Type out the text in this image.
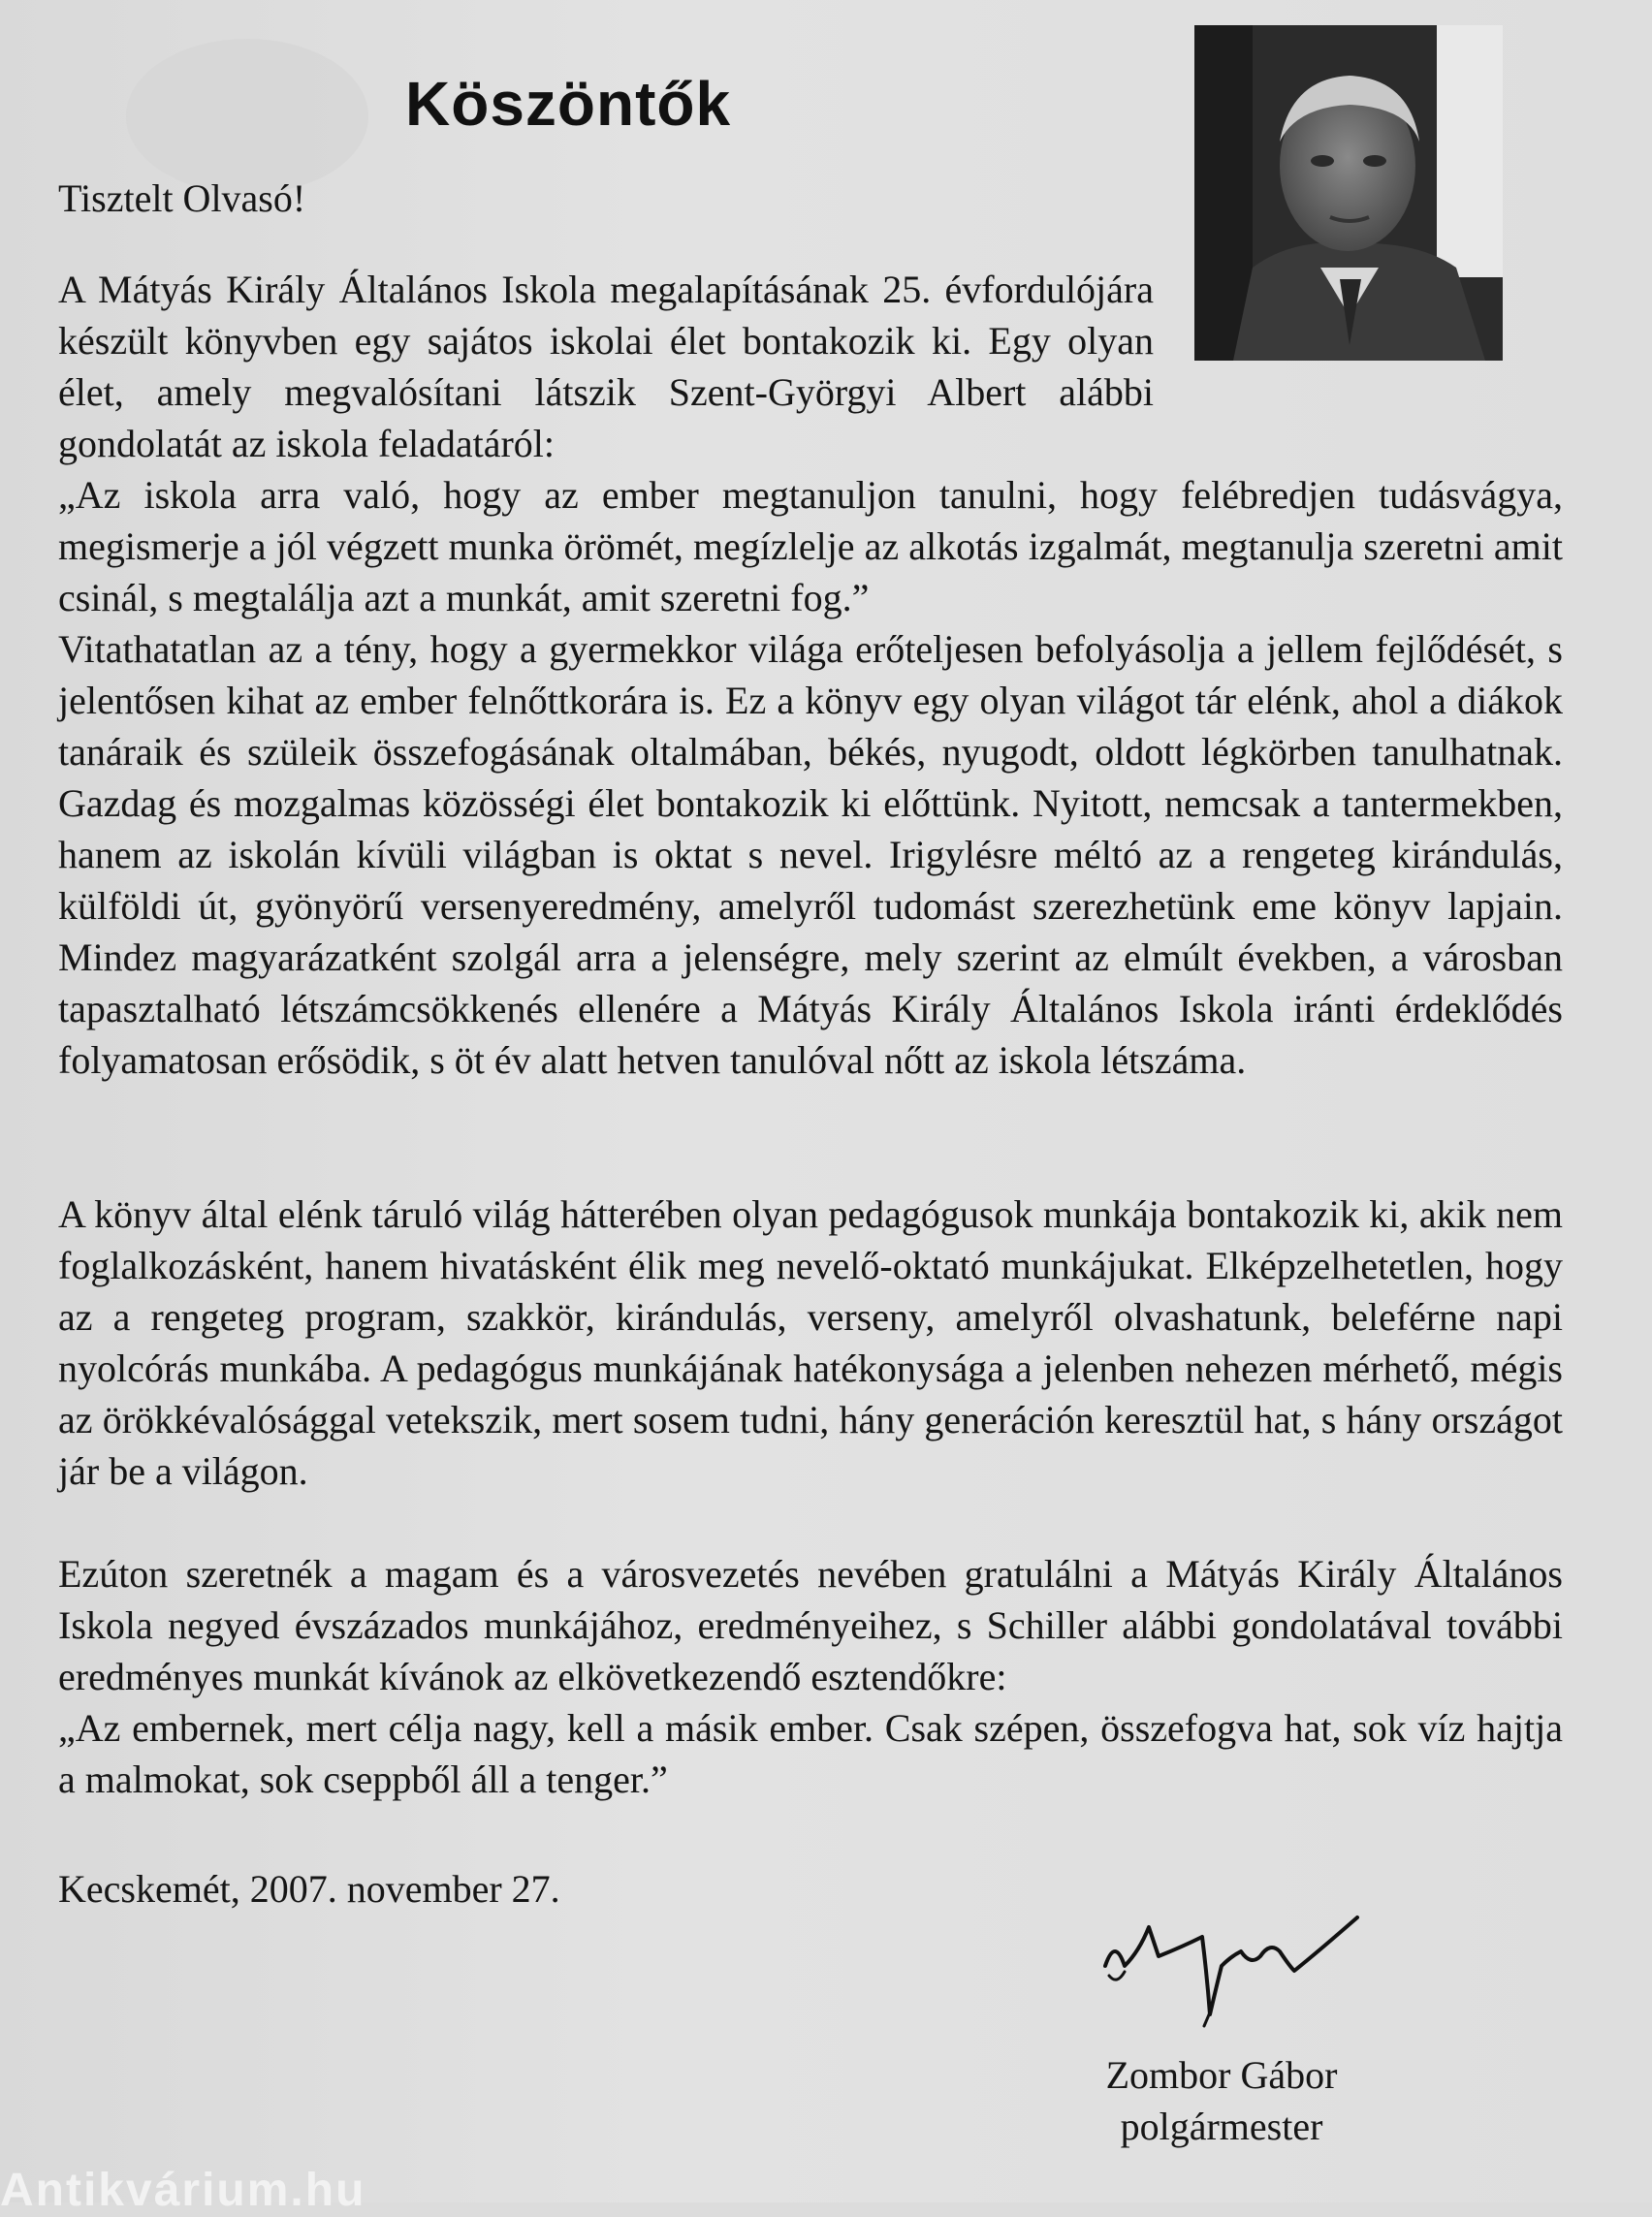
Köszöntők
Tisztelt Olvasó!

A Mátyás Király Általános Iskola megalapításának 25. évfordulójára készült könyvben egy sajátos iskolai élet bontakozik ki. Egy olyan élet, amely megvalósítani látszik Szent-Györgyi Albert alábbi gondolatát az iskola feladatáról:

„Az iskola arra való, hogy az ember megtanuljon tanulni, hogy felébredjen tudásvágya, megismerje a jól végzett munka örömét, megízlelje az alkotás izgalmát, megtanulja szeretni amit csinál, s megtalálja azt a munkát, amit szeretni fog.”

Vitathatatlan az a tény, hogy a gyermekkor világa erőteljesen befolyásolja a jellem fejlődését, s jelentősen kihat az ember felnőttkorára is. Ez a könyv egy olyan világot tár elénk, ahol a diákok tanáraik és szüleik összefogásának oltalmában, békés, nyugodt, oldott légkörben tanulhatnak. Gazdag és mozgalmas közösségi élet bontakozik ki előttünk. Nyitott, nemcsak a tantermekben, hanem az iskolán kívüli világban is oktat s nevel. Irigylésre méltó az a rengeteg kirándulás, külföldi út, gyönyörű versenyeredmény, amelyről tudomást szerezhetünk eme könyv lapjain. Mindez magyarázatként szolgál arra a jelenségre, mely szerint az elmúlt években, a városban tapasztalható létszámcsökkenés ellenére a Mátyás Király Általános Iskola iránti érdeklődés folyamatosan erősödik, s öt év alatt hetven tanulóval nőtt az iskola létszáma.

A könyv által elénk táruló világ hátterében olyan pedagógusok munkája bontakozik ki, akik nem foglalkozásként, hanem hivatásként élik meg nevelő-oktató munkájukat. Elképzelhetetlen, hogy az a rengeteg program, szakkör, kirándulás, verseny, amelyről olvashatunk, beleférne napi nyolcórás munkába. A pedagógus munkájának hatékonysága a jelenben nehezen mérhető, mégis az örökkévalósággal vetekszik, mert sosem tudni, hány generáción keresztül hat, s hány országot jár be a világon.

Ezúton szeretnék a magam és a városvezetés nevében gratulálni a Mátyás Király Általános Iskola negyed évszázados munkájához, eredményeihez, s Schiller alábbi gondolatával további eredményes munkát kívánok az elkövetkezendő esztendőkre:

„Az embernek, mert célja nagy, kell a másik ember. Csak szépen, összefogva hat, sok víz hajtja a malmokat, sok cseppből áll a tenger.”

Kecskemét, 2007. november 27.
Zombor Gábor
polgármester
Antikvárium.hu
